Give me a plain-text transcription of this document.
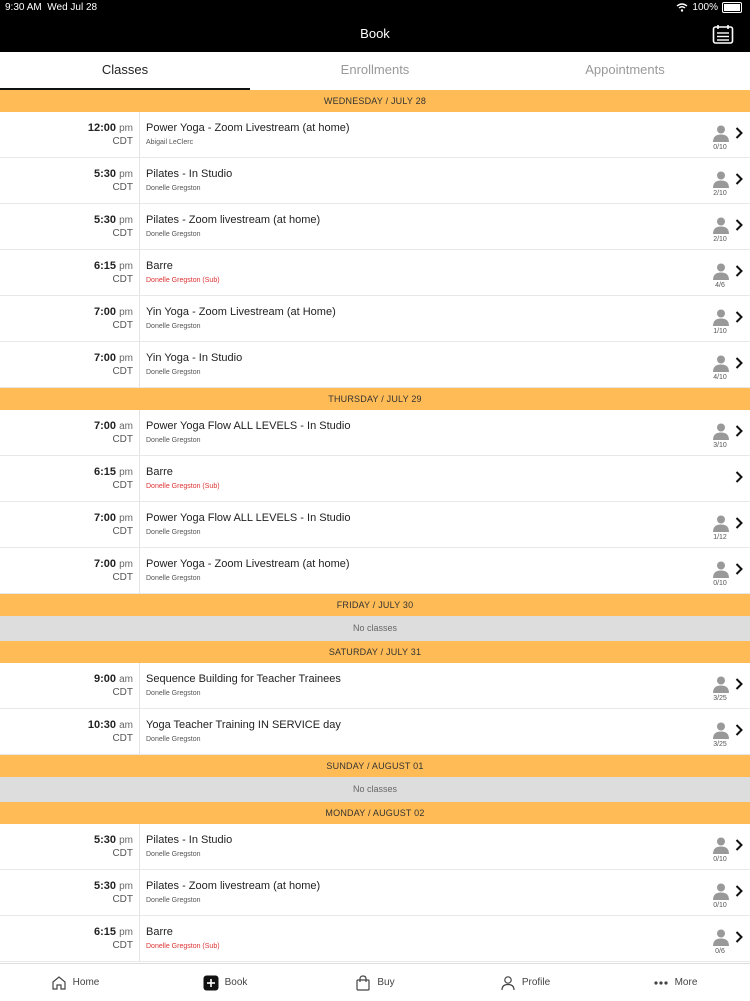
9:30 AM Wed Jul 28	100%
Book
Classes	Enrollments	Appointments
WEDNESDAY / JULY 28
12:00 pm
CDT
Power Yoga - Zoom Livestream (at home)
Abigail LeClerc
0/10
5:30 pm
CDT
Pilates - In Studio
Donelle Gregston
2/10
5:30 pm
CDT
Pilates - Zoom livestream (at home)
Donelle Gregston
2/10
6:15 pm
CDT
Barre
Donelle Gregston (Sub)
4/6
7:00 pm
CDT
Yin Yoga - Zoom Livestream (at Home)
Donelle Gregston
1/10
7:00 pm
CDT
Yin Yoga - In Studio
Donelle Gregston
4/10
THURSDAY / JULY 29
7:00 am
CDT
Power Yoga Flow ALL LEVELS - In Studio
Donelle Gregston
3/10
6:15 pm
CDT
Barre
Donelle Gregston (Sub)
7:00 pm
CDT
Power Yoga Flow ALL LEVELS - In Studio
Donelle Gregston
1/12
7:00 pm
CDT
Power Yoga - Zoom Livestream (at home)
Donelle Gregston
0/10
FRIDAY / JULY 30
No classes
SATURDAY / JULY 31
9:00 am
CDT
Sequence Building for Teacher Trainees
Donelle Gregston
3/25
10:30 am
CDT
Yoga Teacher Training IN SERVICE day
Donelle Gregston
3/25
SUNDAY / AUGUST 01
No classes
MONDAY / AUGUST 02
5:30 pm
CDT
Pilates - In Studio
Donelle Gregston
0/10
5:30 pm
CDT
Pilates - Zoom livestream (at home)
Donelle Gregston
0/10
6:15 pm
CDT
Barre
Donelle Gregston (Sub)
0/6
Home	Book	Buy	Profile	More
